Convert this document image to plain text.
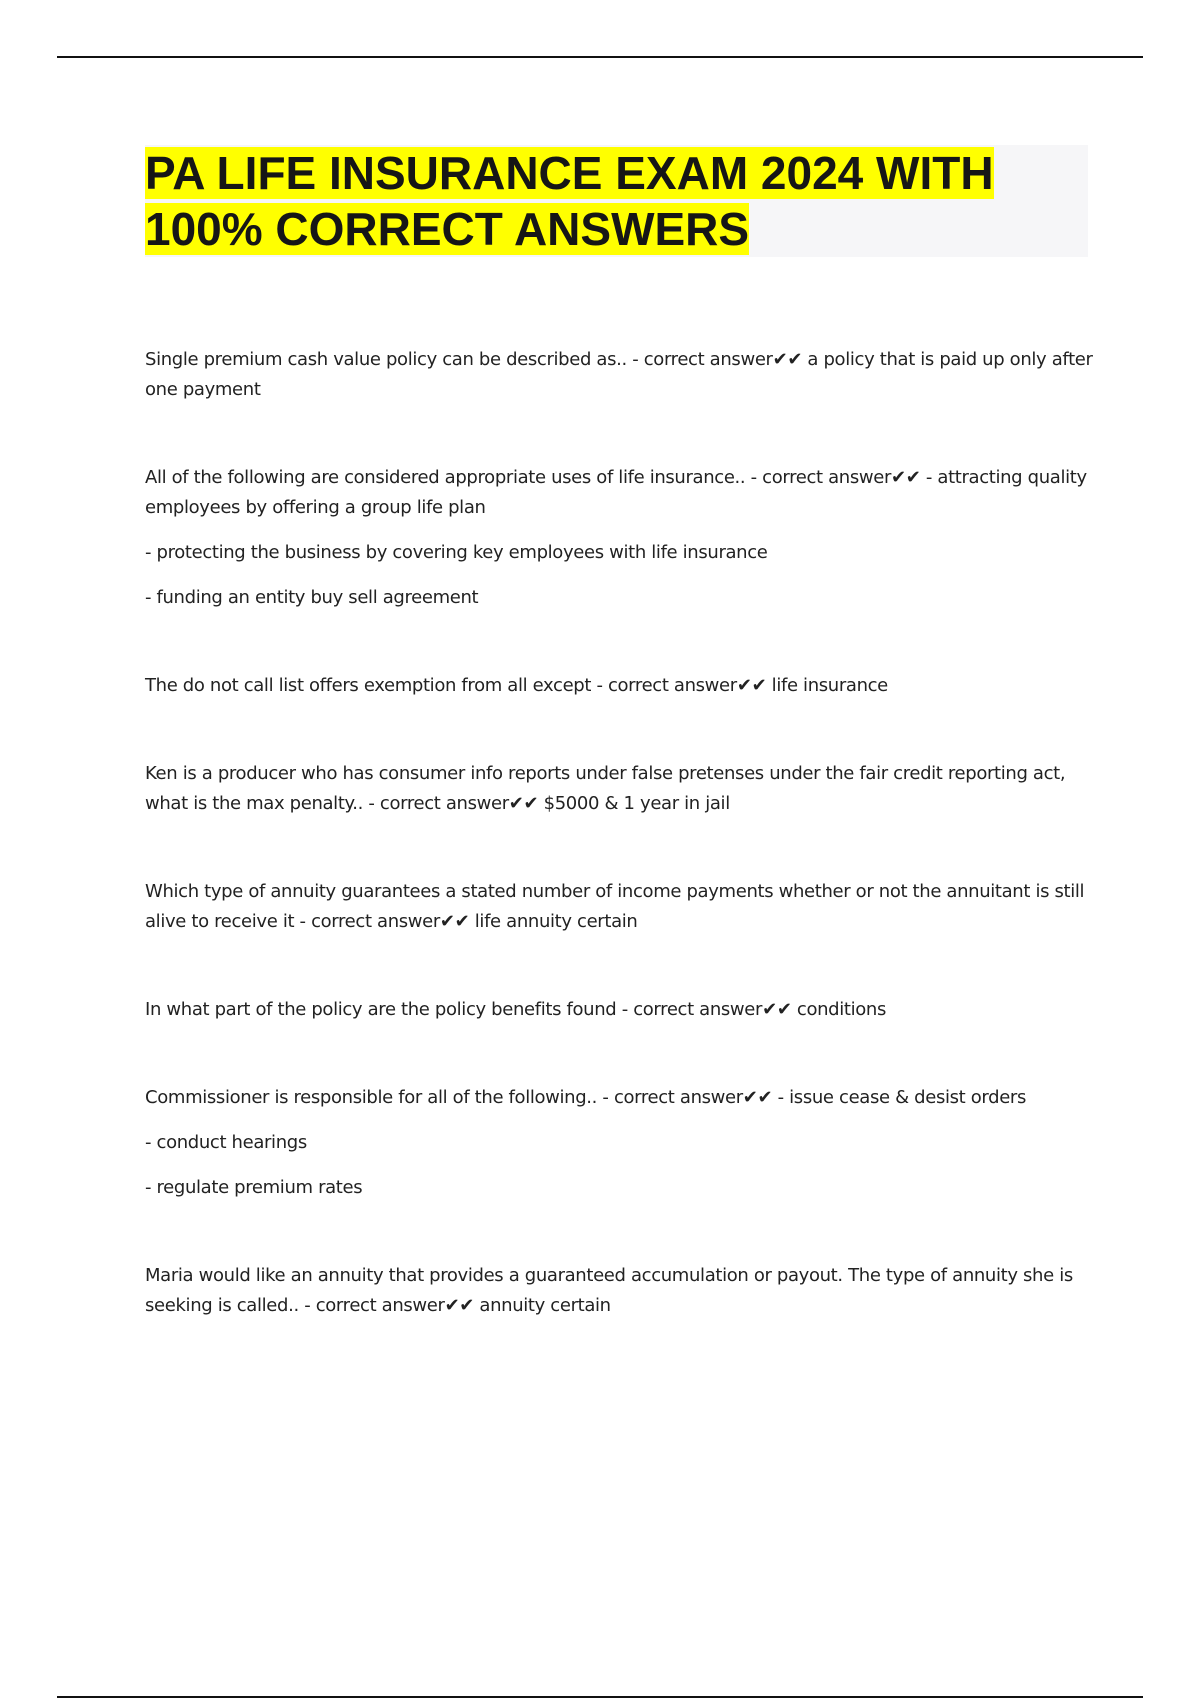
PA LIFE INSURANCE EXAM 2024 WITH
100% CORRECT ANSWERS

Single premium cash value policy can be described as.. - correct answer✔✔ a policy that is paid up only after one payment

All of the following are considered appropriate uses of life insurance.. - correct answer✔✔ - attracting quality employees by offering a group life plan

- protecting the business by covering key employees with life insurance

- funding an entity buy sell agreement

The do not call list offers exemption from all except - correct answer✔✔ life insurance

Ken is a producer who has consumer info reports under false pretenses under the fair credit reporting act, what is the max penalty.. - correct answer✔✔ $5000 & 1 year in jail

Which type of annuity guarantees a stated number of income payments whether or not the annuitant is still alive to receive it - correct answer✔✔ life annuity certain

In what part of the policy are the policy benefits found - correct answer✔✔ conditions

Commissioner is responsible for all of the following.. - correct answer✔✔ - issue cease & desist orders

- conduct hearings

- regulate premium rates

Maria would like an annuity that provides a guaranteed accumulation or payout. The type of annuity she is seeking is called.. - correct answer✔✔ annuity certain
